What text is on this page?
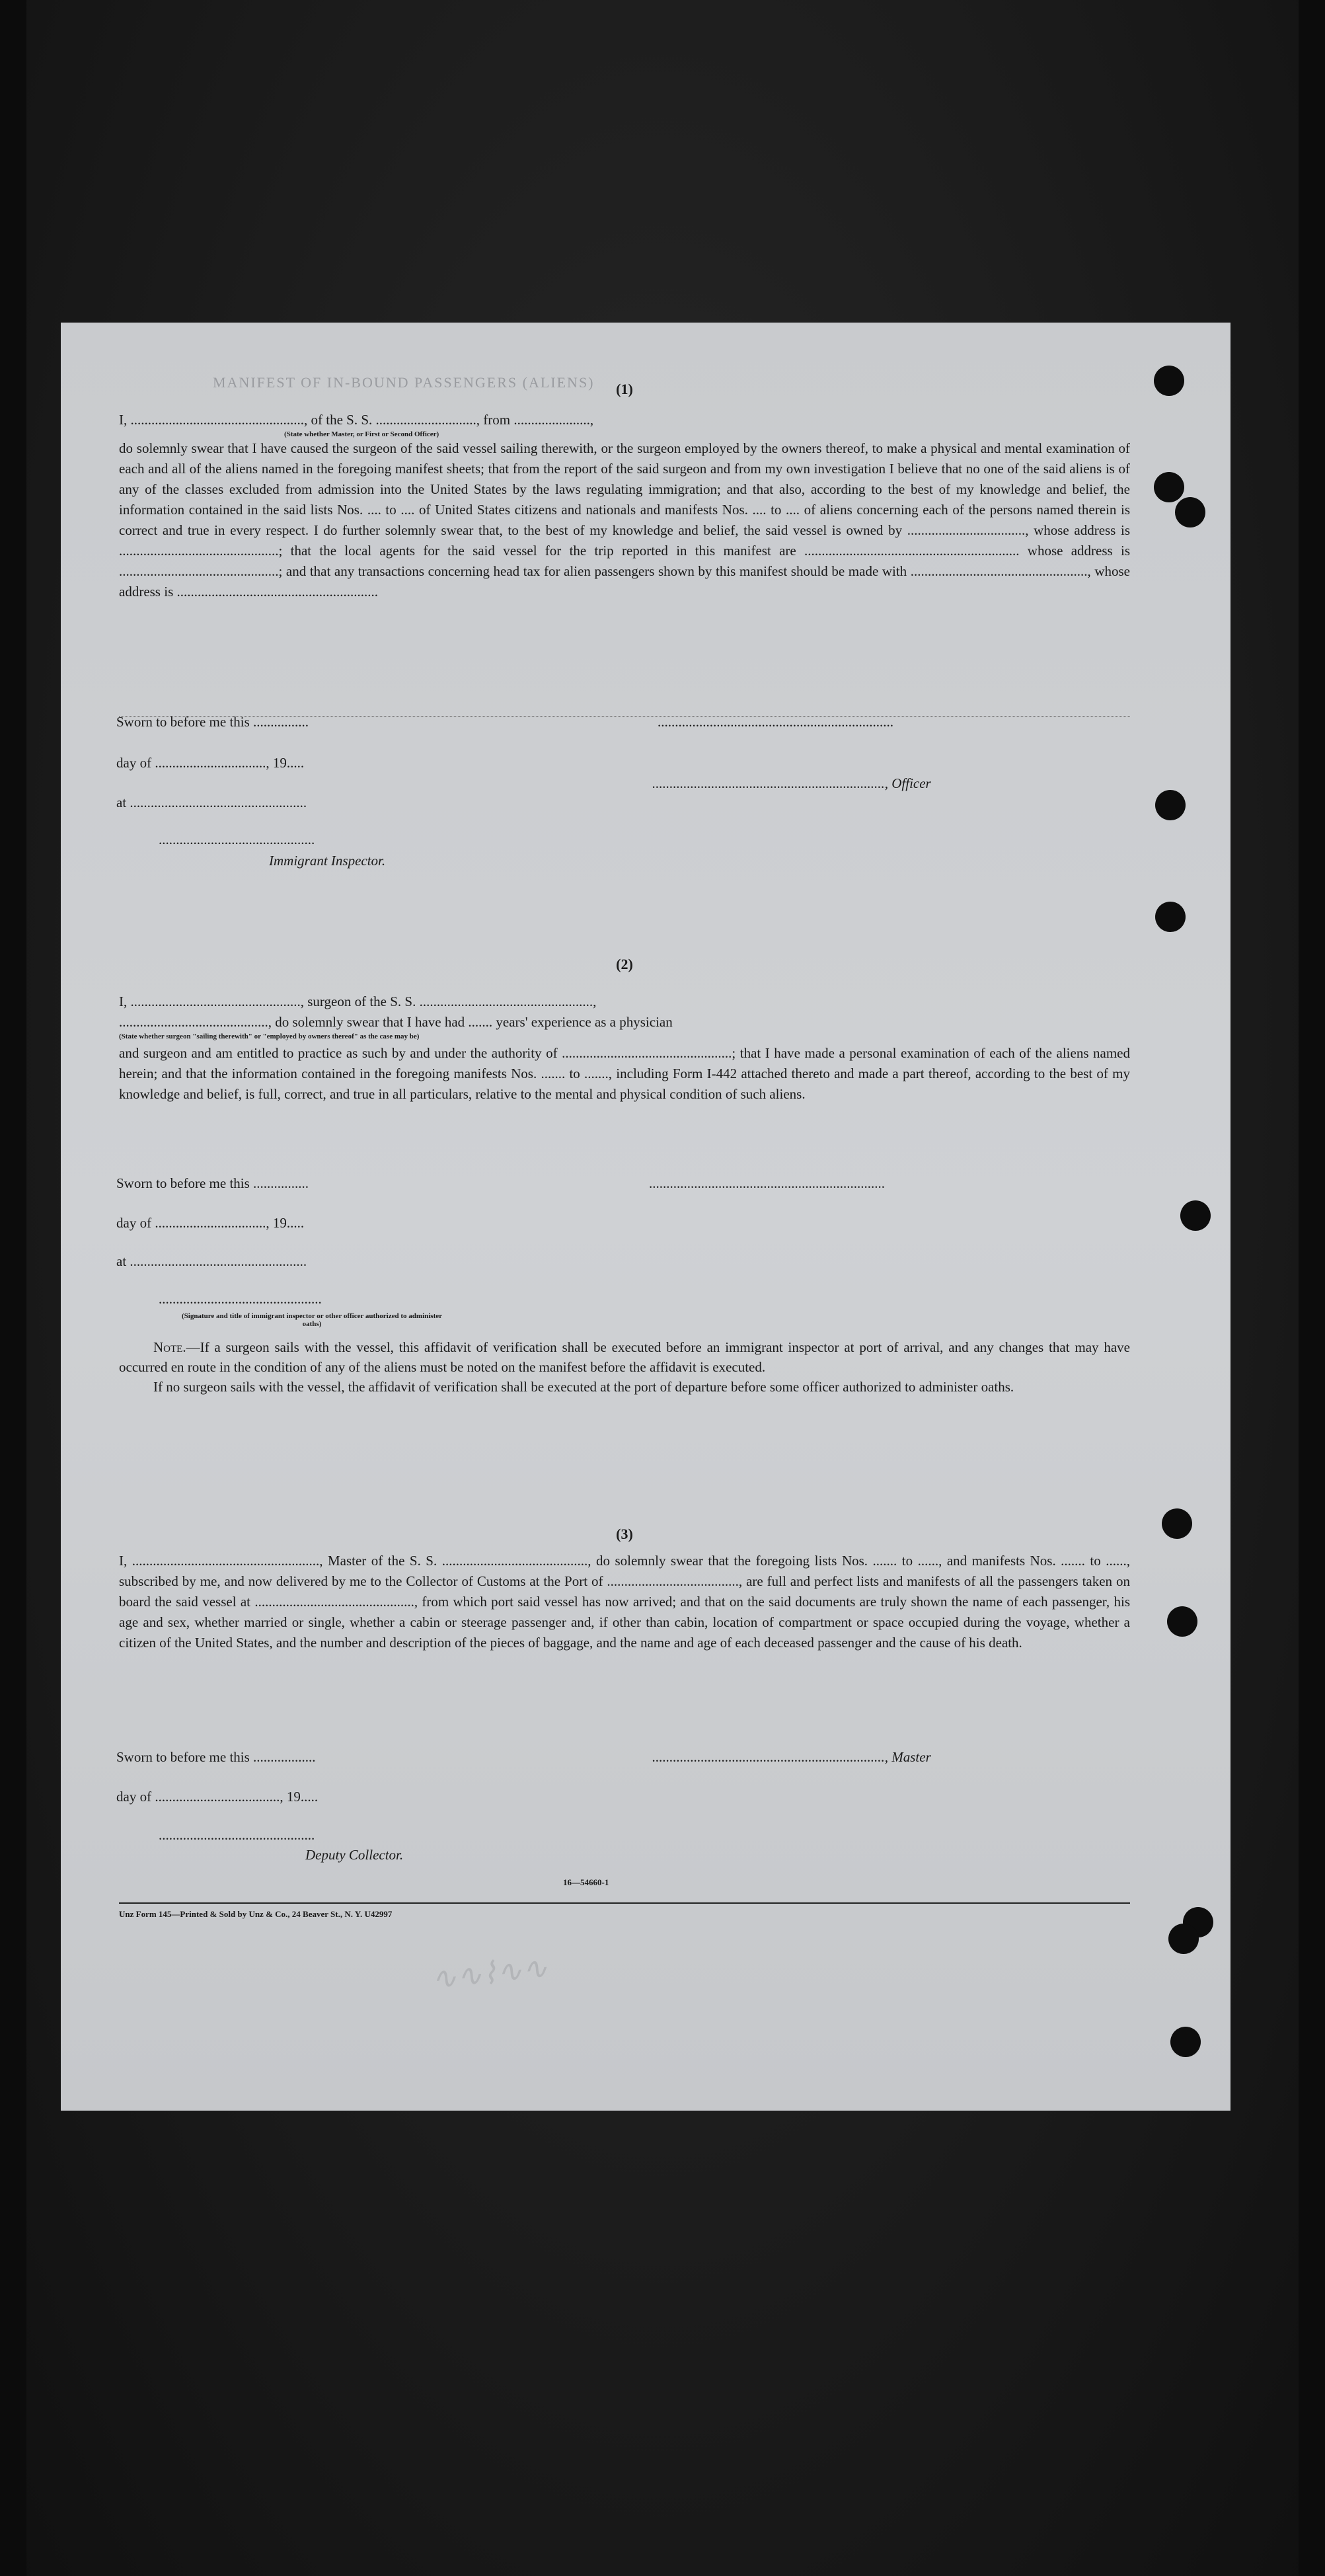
MANIFEST OF IN-BOUND PASSENGERS (ALIENS)	(1)
I, .................................................., of the S. S. ............................., from ......................,
(State whether Master, or First or Second Officer)
do solemnly swear that I have caused the surgeon of the said vessel sailing therewith, or the surgeon employed by the owners thereof, to make a physical and mental examination of each and all of the aliens named in the foregoing manifest sheets; that from the report of the said surgeon and from my own investigation I believe that no one of the said aliens is of any of the classes excluded from admission into the United States by the laws regulating immigration; and that also, according to the best of my knowledge and belief, the information contained in the said lists Nos. .... to .... of United States citizens and nationals and manifests Nos. .... to .... of aliens concerning each of the persons named therein is correct and true in every respect. I do further solemnly swear that, to the best of my knowledge and belief, the said vessel is owned by .................................., whose address is ..............................................; that the local agents for the said vessel for the trip reported in this manifest are .............................................................. whose address is ..............................................; and that any transactions concerning head tax for alien passengers shown by this manifest should be made with ..................................................., whose address is ..........................................................
Sworn to before me this ................	....................................................................
day of ................................, 19.....
..................................................................., Officer
at ...................................................
.............................................
Immigrant Inspector.
(2)
I, ................................................., surgeon of the S. S. ..................................................,
..........................................., do solemnly swear that I have had ....... years' experience as a physician
(State whether surgeon "sailing therewith" or "employed by owners thereof" as the case may be)
and surgeon and am entitled to practice as such by and under the authority of .................................................; that I have made a personal examination of each of the aliens named herein; and that the information contained in the foregoing manifests Nos. ....... to ......., including Form I-442 attached thereto and made a part thereof, according to the best of my knowledge and belief, is full, correct, and true in all particulars, relative to the mental and physical condition of such aliens.
Sworn to before me this ................	....................................................................
day of ................................, 19.....
at ...................................................
...............................................
(Signature and title of immigrant inspector or other officer authorized to administer oaths)
Note.—If a surgeon sails with the vessel, this affidavit of verification shall be executed before an immigrant inspector at port of arrival, and any changes that may have occurred en route in the condition of any of the aliens must be noted on the manifest before the affidavit is executed.
If no surgeon sails with the vessel, the affidavit of verification shall be executed at the port of departure before some officer authorized to administer oaths.
(3)
I, ......................................................, Master of the S. S. .........................................., do solemnly swear that the foregoing lists Nos. ....... to ......, and manifests Nos. ....... to ......, subscribed by me, and now delivered by me to the Collector of Customs at the Port of ......................................, are full and perfect lists and manifests of all the passengers taken on board the said vessel at .............................................., from which port said vessel has now arrived; and that on the said documents are truly shown the name of each passenger, his age and sex, whether married or single, whether a cabin or steerage passenger and, if other than cabin, location of compartment or space occupied during the voyage, whether a citizen of the United States, and the number and description of the pieces of baggage, and the name and age of each deceased passenger and the cause of his death.
Sworn to before me this ..................	..................................................................., Master
day of ...................................., 19.....
.............................................
Deputy Collector.
16—54660-1
Unz Form 145—Printed & Sold by Unz & Co., 24 Beaver St., N. Y. U42997
∿∿⌇∿∿
